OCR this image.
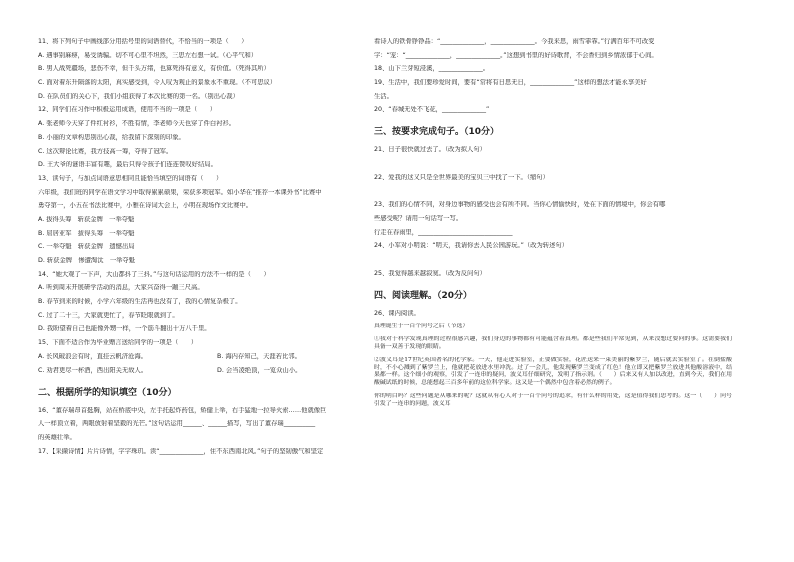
11、将下列句子中画线部分用括号里的词语替代，不恰当的一项是（　　）
A. 遇事别麻痹，易受诱骗。切不可心里不坦然，三思左右想一试。（心平气和）
B. 男人战死疆场，悲伤不幸，但千头万绪，也算死得有意义，有价值。（死得其所）
C. 面对着东升陨落的太阳，真实感受到，令人叹为观止的景象永不重现。（不可思议）
D. 在队员们的关心下，我们小组获得了本次比赛的第一名。（别出心裁）
12、同学们在习作中积极运用成语，使用不当的一项是（　　）
A. 张老师今天穿了件红衬衫，不胜有情，李老师今天也穿了件白衬衫。
B. 小丽的文章构思别出心裁，给我留下深刻的印象。
C. 这次辩论比赛，我方技高一筹，夺得了冠军。
D. 王大爷的谜语丰富有趣，最后只得令孩子们连连赞叹好结局。
13、读句子，与加点词语意思相同且能恰当填空的词语有（　　）
六年级，我们班的同学在语文学习中取得累累硕果，荣获多项冠军。如小华在“推荐一本课外书”比赛中
勇夺第一，小五在书法比赛中，小雅在诗词大会上，小明在现场作文比赛中。
A. 拔得头筹　斩获金牌　一举夺魁
B. 屈居亚军　拔得头筹　一举夺魁
C. 一举夺魁　斩获金牌　遗憾出局
D. 斩获金牌　惨遭淘汰　一举夺魁
14、“她大观了一下声，大山都抖了三抖。”与这句话运用的方法不一样的是（　　）
A. 听到周末开展研学活动的消息，大家兴奋得一蹦三尺高。
B. 春节到来的时候，小学六年级的生活再也没有了，我的心情复杂极了。
C. 过了二十三，大家就更忙了，春节眨眼就到了。
D. 我盼望着自己也能像外甥一样，一个筋斗翻出十万八千里。
15、下面不适合作为毕业赠言送给同学的一项是（　　）
A. 长风破浪会有时，直挂云帆济沧海。	B. 海内存知己，天涯若比邻。
C. 劝君更尽一杯酒，西出阳关无故人。	D. 会当凌绝顶，一览众山小。
二、根据所学的知识填空（10分）
16、“董存瑞昂首挺胸，站在桥底中央，左手托起炸药包，矫健上举，右手猛地一拉导火索……他就像巨
人一样顶立着，两眼放射着坚毅的光芒。”这句话运用______、______描写，写出了董存瑞__________
的英雄壮举。
17、【采撷诗情】片片诗情，字字珠玑。读“______________，住不东西南北风。”句子的坚韧傲气和坚定
看诗人的铁骨铮铮品：“______________，______________。今我来思，雨雪霏霏。”行满百年不可改变
字：“宠：“______________，______________。”这想到书里的好诗歌背，不会香归到乡情浓郁于心间。
18、山下兰芽短浸溪，______________。
19、生活中，我们要珍爱时间，要有“常将有日思无日，______________”这样的想法才能永享美好
生活。
20、“春城无处不飞花，______________”
三、按要求完成句子。（10分）
21、日子很快就过去了。（改为拟人句）

22、爱我的这又只是全世界最美的宝贝三中找了一下。（缩句）

23、我们的心情不同，对身边事物的感受也会有所不同。当你心情愉快时，处在下面的情境中，你会有哪
些感受呢？请用一句话写一写。
行走在春雨里，______________________________
24、小军对小明说：“明天，我请你去人民公园游玩。”（改为转述句）

25、我觉得越来越寂寞。（改为反问句）
四、阅读理解。（20分）
26、课内阅读。
真理诞生于一百个问号之后（节选）
①我对于科学发现真理的过程很感兴趣，我们身边的事物都有可能蕴含着真理。都是些我们平常见到，从来没想过要问的事。这需要我们具备一双善于发现的眼睛。
②波义耳是17世纪英国著名的化学家。一天，他走进实验室，正要做实验，花匠送来一束美丽的紫罗兰，随后就去实验室了。在倒盐酸时，不小心溅到了紫罗兰上，他就把花放进水里冲洗。过了一会儿，他发现紫罗兰变成了红色！他立即又把紫罗兰放进其他酸溶液中，结果都一样。这个细小的观察，引发了一连串的疑问，波义耳仔细研究，发明了指示剂。（　　）后来又有人加以改进，直到今天，我们在用酸碱试纸的时候，总能想起三百多年前的这位科学家。这又是一个偶然中包含着必然的例子。
你的明白吗？这些问题是从哪来的呢？这就从有心人对于一百个问号的追求，有什么样的用处，这是值得我们思考的。这一（　　）问号引发了一连串的问题，波义耳
